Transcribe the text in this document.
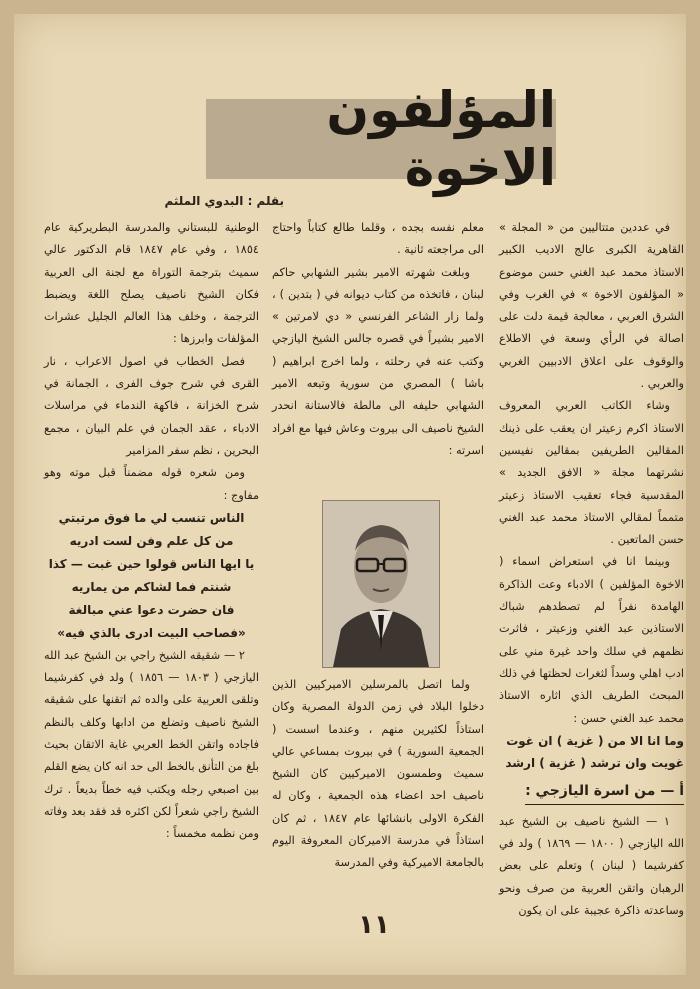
المؤلفون الاخوة
بقلم : البدوي الملثم

في عددين متتاليين من « المجلة » القاهرية الكبرى عالج الاديب الكبير الاستاذ محمد عبد الغني حسن موضوع « المؤلفون الاخوة » في الغرب وفي الشرق العربي ، معالجة قيمة دلت على اصالة في الرأي وسعة في الاطلاع والوقوف على اعلاق الادبيين الغربي والعربي .

وشاء الكاتب العربي المعروف الاستاذ اكرم زعيتر ان يعقب على ذينك المقالين الطريفين بمقالين نفيسين نشرتهما مجلة « الافق الجديد » المقدسية فجاء تعقيب الاستاذ زعيتر متمماً لمقالي الاستاذ محمد عبد الغني حسن الماتعين .

وبينما انا في استعراض اسماء ( الاخوة المؤلفين ) الادباء وعت الذاكرة الهامدة نفراً لم تصطدهم شباك الاستاذين عبد الغني وزعيتر ، فاثرت نظمهم في سلك واحد غيرة مني على ادب اهلي وسداً لثغرات لحظتها في ذلك المبحث الطريف الذي اثاره الاستاذ محمد عبد الغني حسن :

وما انا الا من ( غزية ) ان غوت

غويت وان ترشد ( غزية ) ارشد

أ — من اسرة اليازجي :

١ — الشيخ ناصيف بن الشيخ عبد الله اليازجي ( ١٨٠٠ — ١٨٦٩ ) ولد في كفرشيما ( لبنان ) وتعلم على بعض الرهبان واتقن العربية من صرف ونحو وساعدته ذاكرة عجيبة على ان يكون

معلم نفسه بجده ، وقلما طالع كتاباً واحتاج الى مراجعته ثانية .

وبلغت شهرته الامير بشير الشهابي حاكم لبنان ، فاتخذه من كتاب ديوانه في ( بتدين ) ، ولما زار الشاعر الفرنسي « دي لامرتين » الامير بشيراً في قصره جالس الشيخ اليازجي وكتب عنه في رحلته ، ولما اخرج ابراهيم ( باشا ) المصري من سورية وتبعه الامير الشهابي حليفه الى مالطة فالاستانة انحدر الشيخ ناصيف الى بيروت وعاش فيها مع افراد اسرته :

ولما اتصل بالمرسلين الاميركيين الذين دخلوا البلاد في زمن الدولة المصرية وكان استاذاً لكثيرين منهم ، وعندما اسست ( الجمعية السورية ) في بيروت بمساعي عالي سميث وطمسون الاميركيين كان الشيخ ناصيف احد اعضاء هذه الجمعية ، وكان له الفكرة الاولى بانشائها عام ١٨٤٧ ، ثم كان استاذاً في مدرسة الاميركان المعروفة اليوم بالجامعة الاميركية وفي المدرسة

الوطنية للبستاني والمدرسة البطريركية عام ١٨٥٤ ، وفي عام ١٨٤٧ قام الدكتور عالي سميث بترجمة التوراة مع لجنة الى العربية فكان الشيخ ناصيف يصلح اللغة ويضبط الترجمة ، وخلف هذا العالم الجليل عشرات المؤلفات وابرزها :

فصل الخطاب في اصول الاعراب ، نار القرى في شرح جوف الفرى ، الجمانة في شرح الخزانة ، فاكهة الندماء في مراسلات الادباء ، عقد الجمان في علم البيان ، مجمع البحرين ، نظم سفر المزامير

ومن شعره قوله مضمناً قبل موته وهو مفاوج :

الناس تنسب لي ما فوق مرتبتي

من كل علم وفن لست ادريه

يا ايها الناس قولوا حين غبت — كذا

شنتم فما لشاكم من يماريه

فان حضرت دعوا عني مبالغة

«فصاحب البيت ادرى بالذي فيه»

٢ — شقيقه الشيخ راجي بن الشيخ عبد الله اليازجي ( ١٨٠٣ — ١٨٥٦ ) ولد في كفرشيما وتلقى العربية على والده ثم اتقنها على شقيقه الشيخ ناصيف وتضلع من ادابها وكلف بالنظم فاجاده واتقن الخط العربي غاية الاتقان بحيث بلغ من التأنق بالخط الى حد انه كان يضع القلم بين اصبعي رجله ويكتب فيه خطاً بديعاً . ترك الشيخ راجي شعراً لكن اكثره قد فقد بعد وفاته ومن نظمه مخمساً :

١١
